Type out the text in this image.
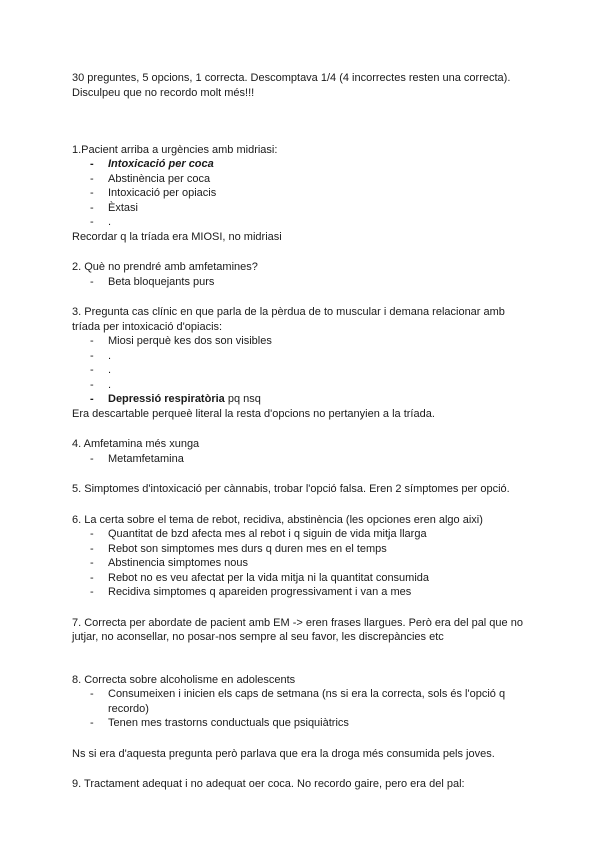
30 preguntes, 5 opcions, 1 correcta. Descomptava 1/4 (4 incorrectes resten una correcta).

Disculpeu que no recordo molt més!!!

1.Pacient arriba a urgències amb midriasi:

- Intoxicació per coca
- Abstinència per coca
- Intoxicació per opiacis
- Èxtasi
- .

Recordar q la tríada era MIOSI, no midriasi

2. Què no prendré amb amfetamines?

- Beta bloquejants purs

3. Pregunta cas clínic en que parla de la pèrdua de to muscular i demana relacionar amb

tríada per intoxicació d'opiacis:

- Miosi perquè kes dos son visibles
- .
- .
- .
- Depressió respiratòria pq nsq

Era descartable perqueè literal la resta d'opcions no pertanyien a la tríada.

4. Amfetamina més xunga

- Metamfetamina

5. Simptomes d'intoxicació per cànnabis, trobar l'opció falsa. Eren 2 símptomes per opció.

6. La certa sobre el tema de rebot, recidiva, abstinència (les opciones eren algo aixi)

- Quantitat de bzd afecta mes al rebot i q siguin de vida mitja llarga
- Rebot son simptomes mes durs q duren mes en el temps
- Abstinencia simptomes nous
- Rebot no es veu afectat per la vida mitja ni la quantitat consumida
- Recidiva simptomes q apareiden progressivament i van a mes

7. Correcta per abordate de pacient amb EM -> eren frases llargues. Però era del pal que no

jutjar, no aconsellar, no posar-nos sempre al seu favor, les discrepàncies etc

8. Correcta sobre alcoholisme en adolescents

- Consumeixen i inicien els caps de setmana (ns si era la correcta, sols és l'opció q
recordo)
- Tenen mes trastorns conductuals que psiquiàtrics

Ns si era d'aquesta pregunta però parlava que era la droga més consumida pels joves.

9. Tractament adequat i no adequat oer coca. No recordo gaire, pero era del pal:
